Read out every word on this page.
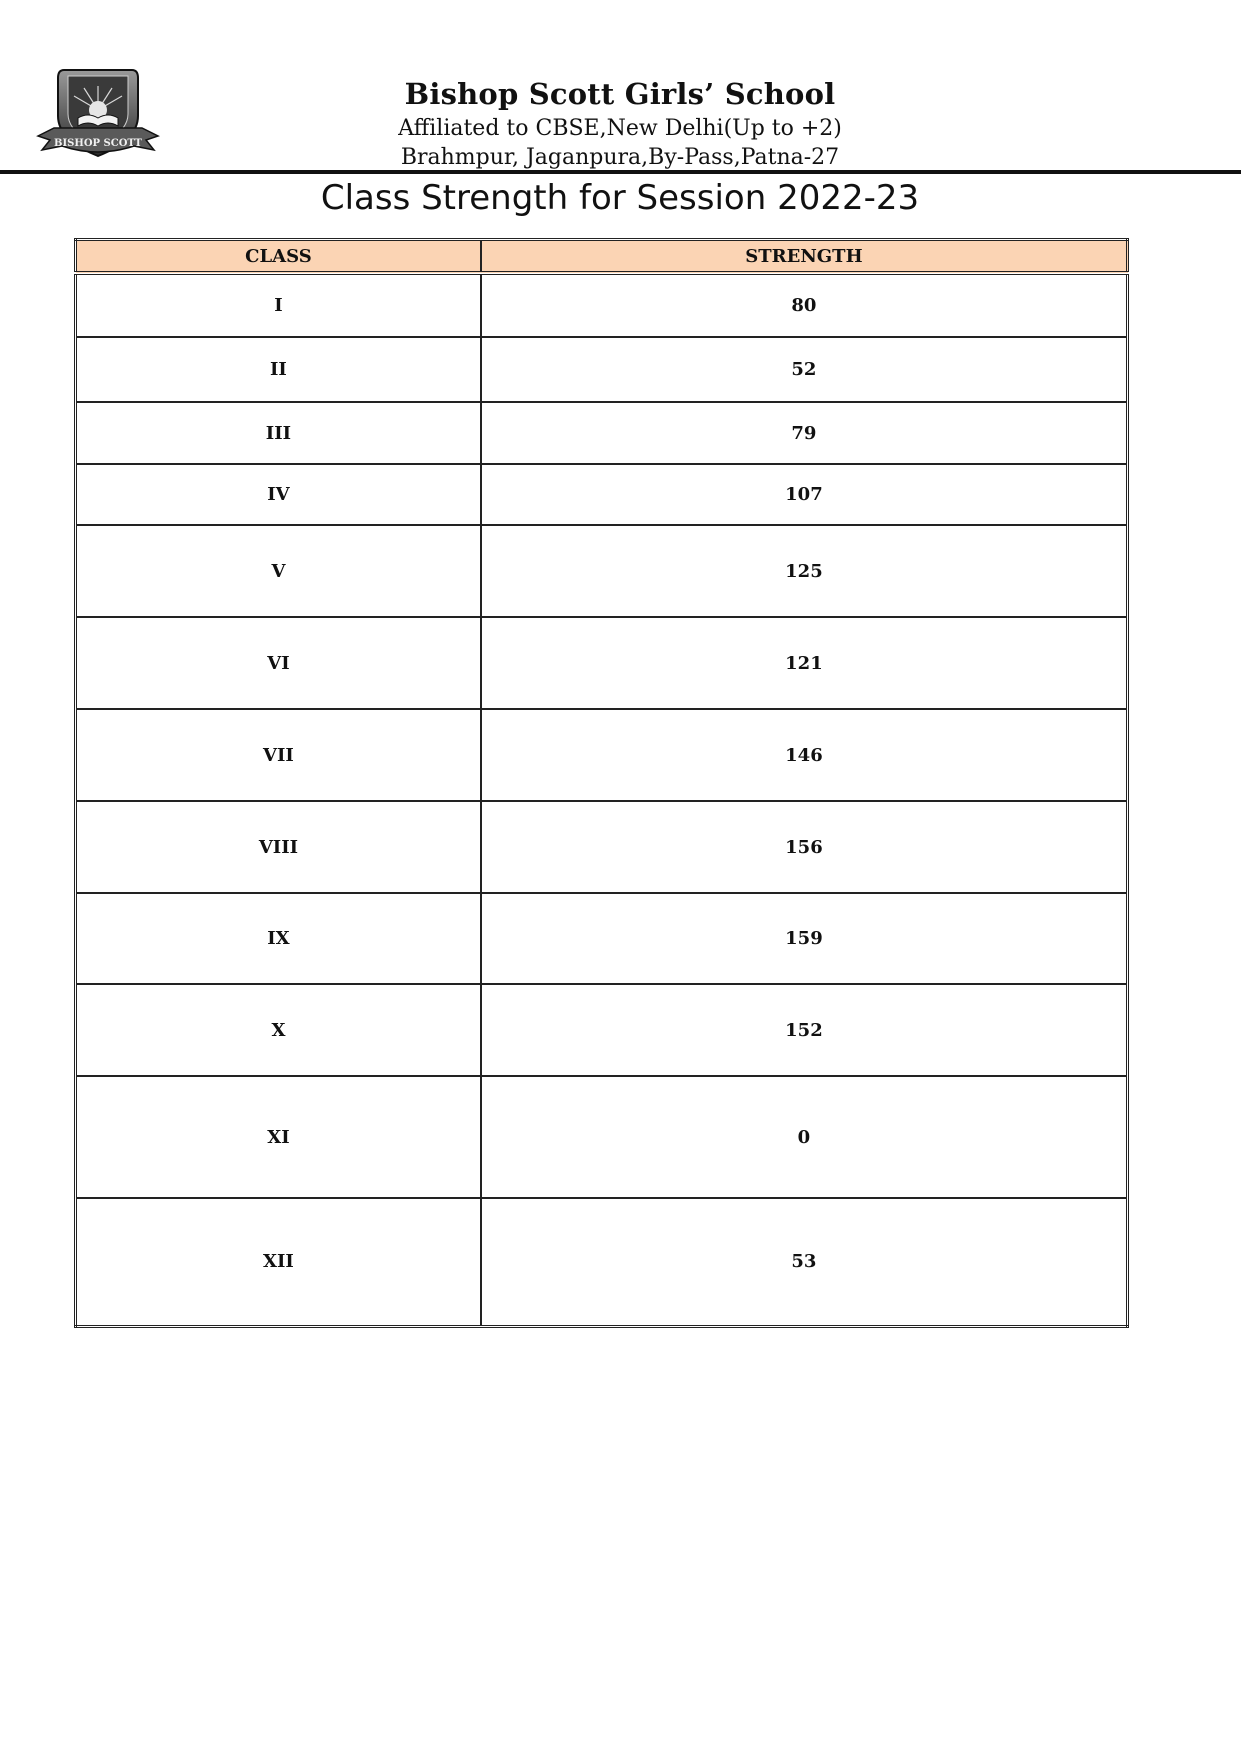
BISHOP SCOTT
Bishop Scott Girls’ School
Affiliated to CBSE,New Delhi(Up to +2)
Brahmpur, Jaganpura,By-Pass,Patna-27
Class Strength for Session 2022-23
CLASS	STRENGTH
I	80
II	52
III	79
IV	107
V	125
VI	121
VII	146
VIII	156
IX	159
X	152
XI	0
XII	53
